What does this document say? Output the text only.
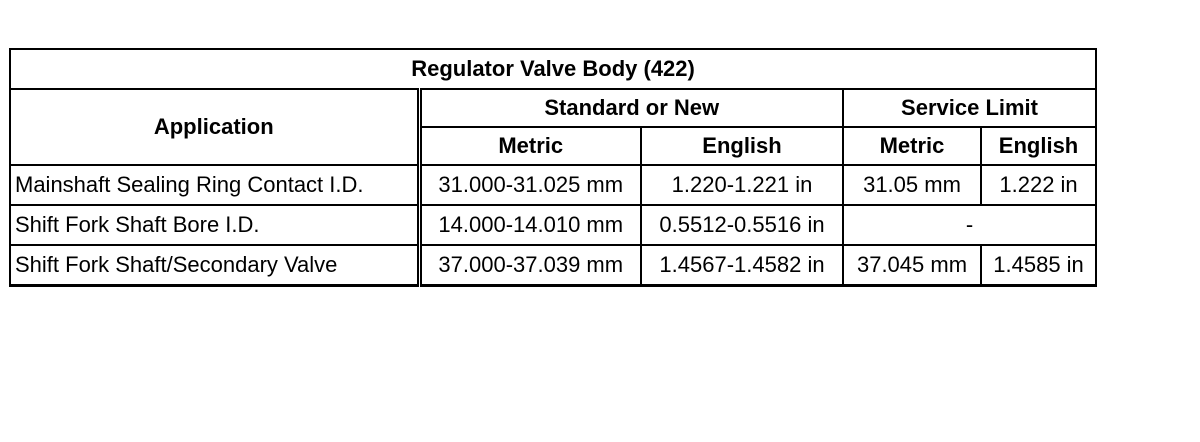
Regulator Valve Body (422)				
Application	Standard or New		Service Limit	
	Metric	English	Metric	English
Mainshaft Sealing Ring Contact I.D.	31.000-31.025 mm	1.220-1.221 in	31.05 mm	1.222 in
Shift Fork Shaft Bore I.D.	14.000-14.010 mm	0.5512-0.5516 in	-	
Shift Fork Shaft/Secondary Valve	37.000-37.039 mm	1.4567-1.4582 in	37.045 mm	1.4585 in
